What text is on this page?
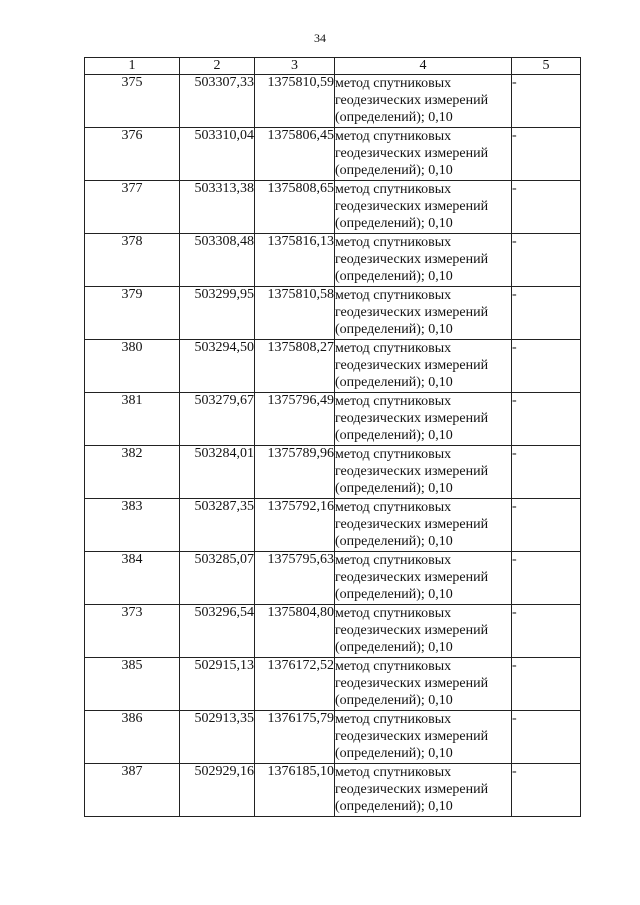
34
1	2	3	4	5
375	503307,33	1375810,59	метод спутниковых
геодезических измерений
(определений); 0,10	-
376	503310,04	1375806,45	метод спутниковых
геодезических измерений
(определений); 0,10	-
377	503313,38	1375808,65	метод спутниковых
геодезических измерений
(определений); 0,10	-
378	503308,48	1375816,13	метод спутниковых
геодезических измерений
(определений); 0,10	-
379	503299,95	1375810,58	метод спутниковых
геодезических измерений
(определений); 0,10	-
380	503294,50	1375808,27	метод спутниковых
геодезических измерений
(определений); 0,10	-
381	503279,67	1375796,49	метод спутниковых
геодезических измерений
(определений); 0,10	-
382	503284,01	1375789,96	метод спутниковых
геодезических измерений
(определений); 0,10	-
383	503287,35	1375792,16	метод спутниковых
геодезических измерений
(определений); 0,10	-
384	503285,07	1375795,63	метод спутниковых
геодезических измерений
(определений); 0,10	-
373	503296,54	1375804,80	метод спутниковых
геодезических измерений
(определений); 0,10	-
385	502915,13	1376172,52	метод спутниковых
геодезических измерений
(определений); 0,10	-
386	502913,35	1376175,79	метод спутниковых
геодезических измерений
(определений); 0,10	-
387	502929,16	1376185,10	метод спутниковых
геодезических измерений
(определений); 0,10	-
